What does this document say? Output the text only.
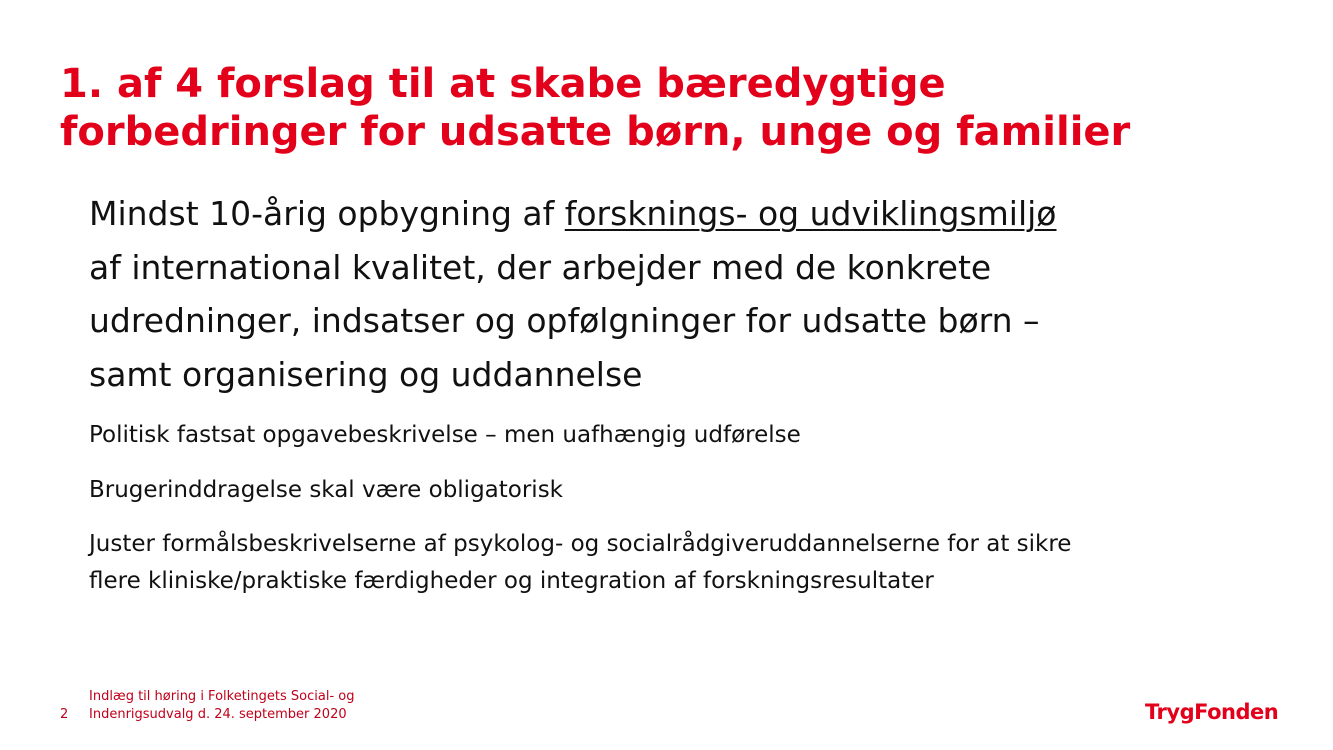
1. af 4 forslag til at skabe bæredygtige
forbedringer for udsatte børn, unge og familier
Mindst 10-årig opbygning af forsknings- og udviklingsmiljø
af international kvalitet, der arbejder med de konkrete
udredninger, indsatser og opfølgninger for udsatte børn –
samt organisering og uddannelse
Politisk fastsat opgavebeskrivelse – men uafhængig udførelse
Brugerinddragelse skal være obligatorisk
Juster formålsbeskrivelserne af psykolog- og socialrådgiveruddannelserne for at sikre
flere kliniske/praktiske færdigheder og integration af forskningsresultater
2
Indlæg til høring i Folketingets Social- og
Indenrigsudvalg d. 24. september 2020	TrygFonden
